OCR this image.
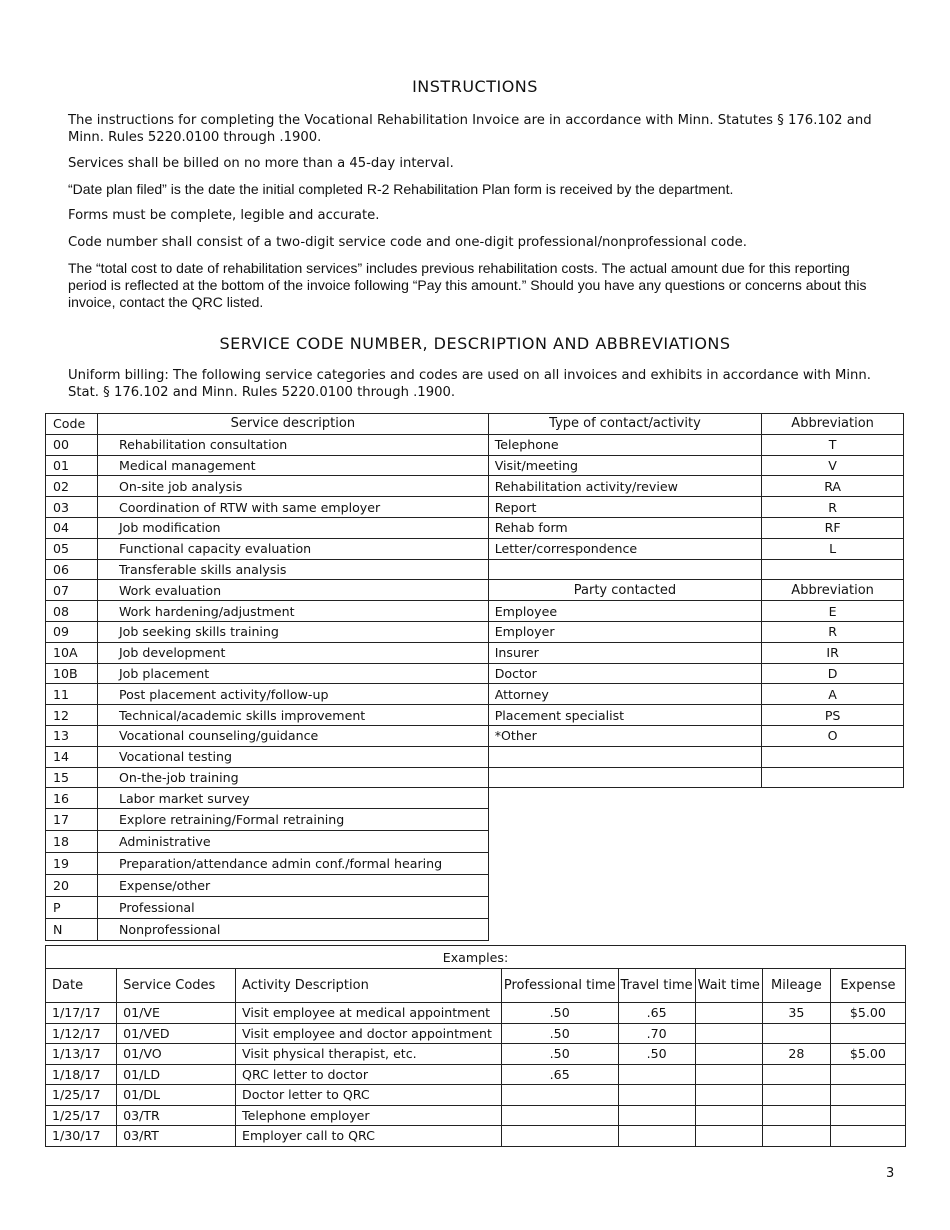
INSTRUCTIONS
The instructions for completing the Vocational Rehabilitation Invoice are in accordance with Minn. Statutes § 176.102 and Minn. Rules 5220.0100 through .1900.
Services shall be billed on no more than a 45-day interval.
“Date plan filed” is the date the initial completed R-2 Rehabilitation Plan form is received by the department.
Forms must be complete, legible and accurate.
Code number shall consist of a two-digit service code and one-digit professional/nonprofessional code.
The “total cost to date of rehabilitation services” includes previous rehabilitation costs. The actual amount due for this reporting period is reflected at the bottom of the invoice following “Pay this amount.” Should you have any questions or concerns about this invoice, contact the QRC listed.
SERVICE CODE NUMBER, DESCRIPTION AND ABBREVIATIONS
Uniform billing: The following service categories and codes are used on all invoices and exhibits in accordance with Minn. Stat. § 176.102 and Minn. Rules 5220.0100 through .1900.
Code	Service description	Type of contact/activity	Abbreviation
00	Rehabilitation consultation	Telephone	T
01	Medical management	Visit/meeting	V
02	On-site job analysis	Rehabilitation activity/review	RA
03	Coordination of RTW with same employer	Report	R
04	Job modification	Rehab form	RF
05	Functional capacity evaluation	Letter/correspondence	L
06	Transferable skills analysis		
07	Work evaluation	Party contacted	Abbreviation
08	Work hardening/adjustment	Employee	E
09	Job seeking skills training	Employer	R
10A	Job development	Insurer	IR
10B	Job placement	Doctor	D
11	Post placement activity/follow-up	Attorney	A
12	Technical/academic skills improvement	Placement specialist	PS
13	Vocational counseling/guidance	*Other	O
14	Vocational testing		
15	On-the-job training		
16	Labor market survey		
17	Explore retraining/Formal retraining		
18	Administrative		
19	Preparation/attendance admin conf./formal hearing		
20	Expense/other		
P	Professional		
N	Nonprofessional		
Examples:							
Date	Service Codes	Activity Description	Professional time	Travel time	Wait time	Mileage	Expense
1/17/17	01/VE	Visit employee at medical appointment	.50	.65		35	$5.00
1/12/17	01/VED	Visit employee and doctor appointment	.50	.70			
1/13/17	01/VO	Visit physical therapist, etc.	.50	.50		28	$5.00
1/18/17	01/LD	QRC letter to doctor	.65				
1/25/17	01/DL	Doctor letter to QRC					
1/25/17	03/TR	Telephone employer					
1/30/17	03/RT	Employer call to QRC					
3
